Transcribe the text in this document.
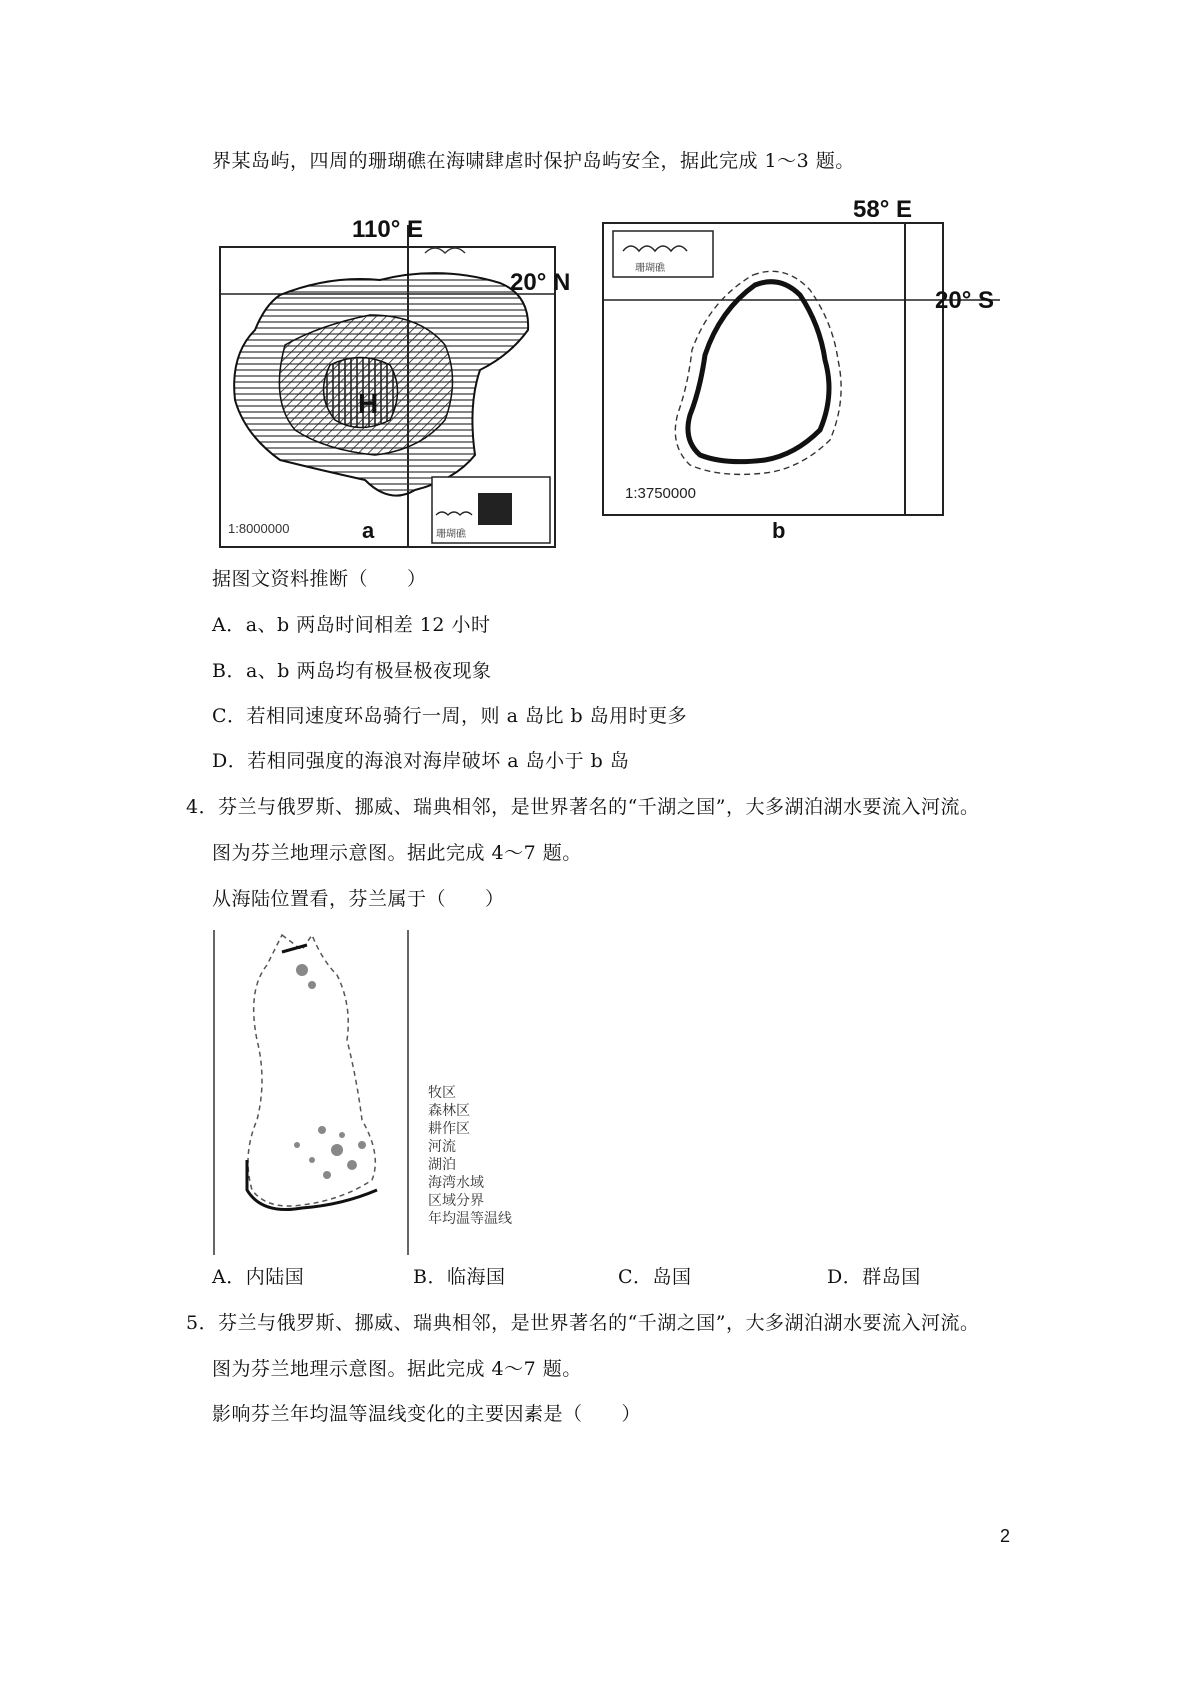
界某岛屿，四周的珊瑚礁在海啸肆虐时保护岛屿安全，据此完成 1～3 题。
H
1:8000000	珊瑚礁
110° E
20° N
a
珊瑚礁
1:3750000
58° E
20° S
b
据图文资料推断（　　）
A．a、b 两岛时间相差 12 小时
B．a、b 两岛均有极昼极夜现象
C．若相同速度环岛骑行一周，则 a 岛比 b 岛用时更多
D．若相同强度的海浪对海岸破坏 a 岛小于 b 岛
4．芬兰与俄罗斯、挪威、瑞典相邻，是世界著名的“千湖之国”，大多湖泊湖水要流入河流。
图为芬兰地理示意图。据此完成 4～7 题。
从海陆位置看，芬兰属于（　　）
牧区
森林区
耕作区
河流
湖泊
海湾水域
区域分界
年均温等温线
A．内陆国	B．临海国	C．岛国	D．群岛国
5．芬兰与俄罗斯、挪威、瑞典相邻，是世界著名的“千湖之国”，大多湖泊湖水要流入河流。
图为芬兰地理示意图。据此完成 4～7 题。
影响芬兰年均温等温线变化的主要因素是（　　）
2
